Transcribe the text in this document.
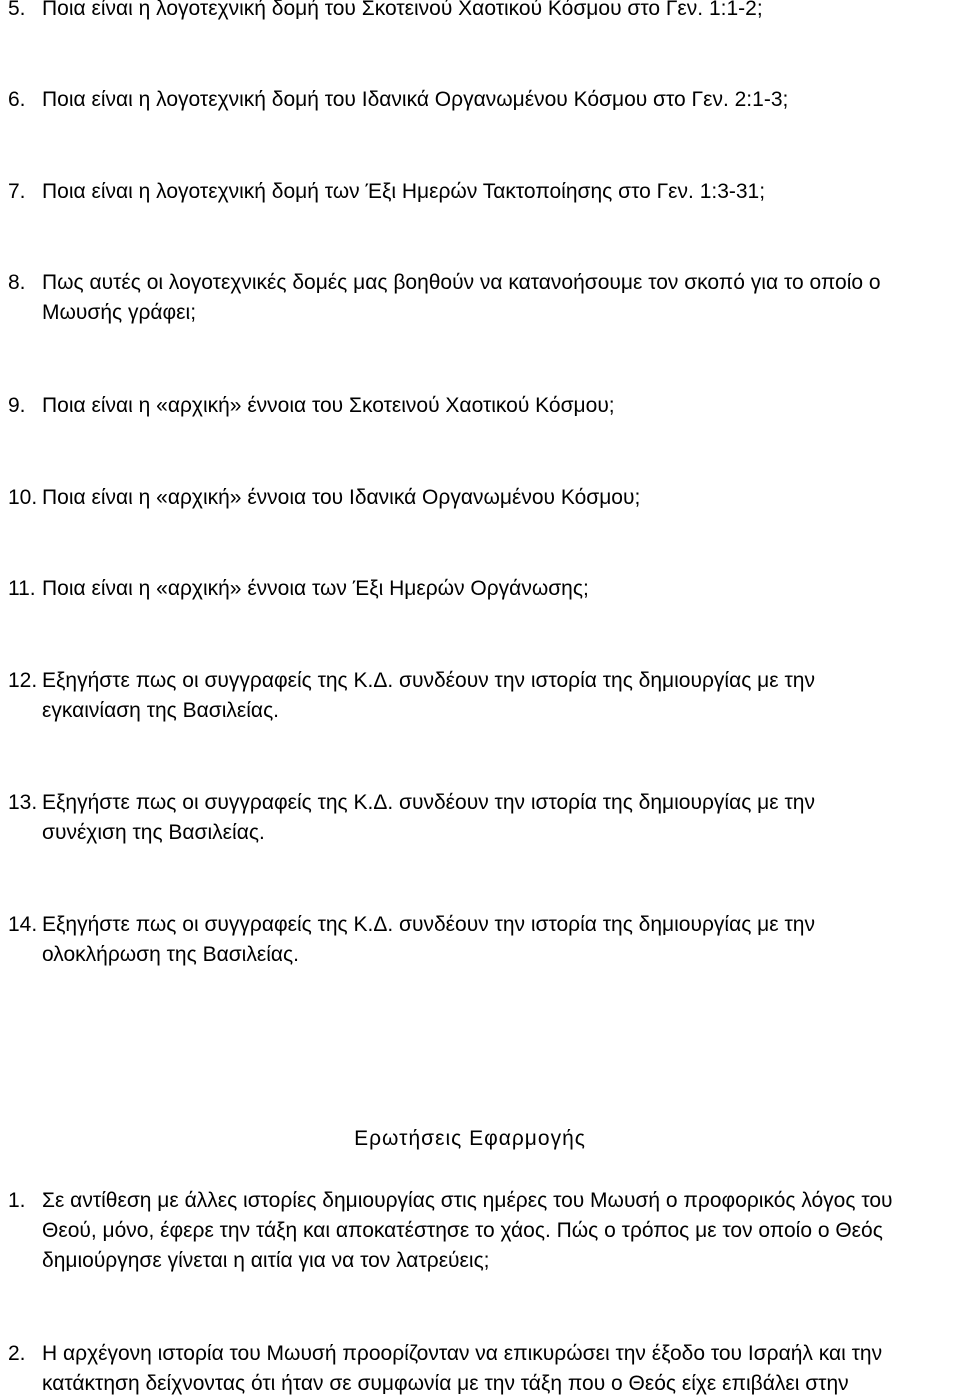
5. Ποια είναι η λογοτεχνική δομή του Σκοτεινού Χαοτικού Κόσμου στο Γεν. 1:1-2;
6. Ποια είναι η λογοτεχνική δομή του Ιδανικά Οργανωμένου Κόσμου στο Γεν. 2:1-3;
7. Ποια είναι η λογοτεχνική δομή των Έξι Ημερών Τακτοποίησης στο Γεν. 1:3-31;
8. Πως αυτές οι λογοτεχνικές δομές μας βοηθούν να κατανοήσουμε τον σκοπό για το οποίο ο
Μωυσής γράφει;
9. Ποια είναι η «αρχική» έννοια του Σκοτεινού Χαοτικού Κόσμου;
10. Ποια είναι η «αρχική» έννοια του Ιδανικά Οργανωμένου Κόσμου;
11. Ποια είναι η «αρχική» έννοια των Έξι Ημερών Οργάνωσης;
12. Εξηγήστε πως οι συγγραφείς της Κ.Δ. συνδέουν την ιστορία της δημιουργίας με την
εγκαινίαση της Βασιλείας.
13. Εξηγήστε πως οι συγγραφείς της Κ.Δ. συνδέουν την ιστορία της δημιουργίας με την
συνέχιση της Βασιλείας.
14. Εξηγήστε πως οι συγγραφείς της Κ.Δ. συνδέουν την ιστορία της δημιουργίας με την
ολοκλήρωση της Βασιλείας.
Ερωτήσεις Εφαρμογής
1. Σε αντίθεση με άλλες ιστορίες δημιουργίας στις ημέρες του Μωυσή ο προφορικός λόγος του
Θεού, μόνο, έφερε την τάξη και αποκατέστησε το χάος. Πώς ο τρόπος με τον οποίο ο Θεός
δημιούργησε γίνεται η αιτία για να τον λατρεύεις;
2. Η αρχέγονη ιστορία του Μωυσή προορίζονταν να επικυρώσει την έξοδο του Ισραήλ και την
κατάκτηση δείχνοντας ότι ήταν σε συμφωνία με την τάξη που ο Θεός είχε επιβάλει στην
